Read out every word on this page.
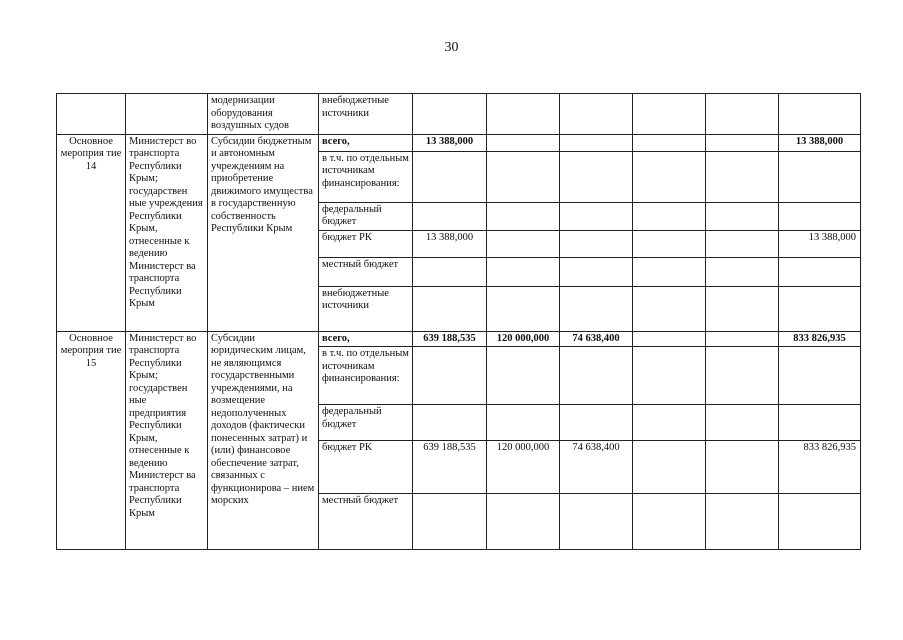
30
		модернизации оборудования воздушных судов	внебюджетные источники						
Основное мероприя тие 14	Министерст во транспорта Республики Крым; государствен ные учреждения Республики Крым, отнесенные к ведению Министерст ва транспорта Республики Крым	Субсидии бюджетным и автономным учреждениям на приобретение движимого имущества в государственную собственность Республики Крым	всего,	13 388,000					13 388,000
			в т.ч. по отдельным источникам финансирования:						
			федеральный бюджет						
			бюджет РК	13 388,000					13 388,000
			местный бюджет						
			внебюджетные источники						
Основное мероприя тие 15	Министерст во транспорта Республики Крым; государствен ные предприятия Республики Крым, отнесенные к ведению Министерст ва транспорта Республики Крым	Субсидии юридическим лицам, не являющимся государственными учреждениями, на возмещение недополученных доходов (фактически понесенных затрат) и (или) финансовое обеспечение затрат, связанных с функционирова – нием морских	всего,	639 188,535	120 000,000	74 638,400			833 826,935
			в т.ч. по отдельным источникам финансирования:						
			федеральный бюджет						
			бюджет РК	639 188,535	120 000,000	74 638,400			833 826,935
			местный бюджет						
